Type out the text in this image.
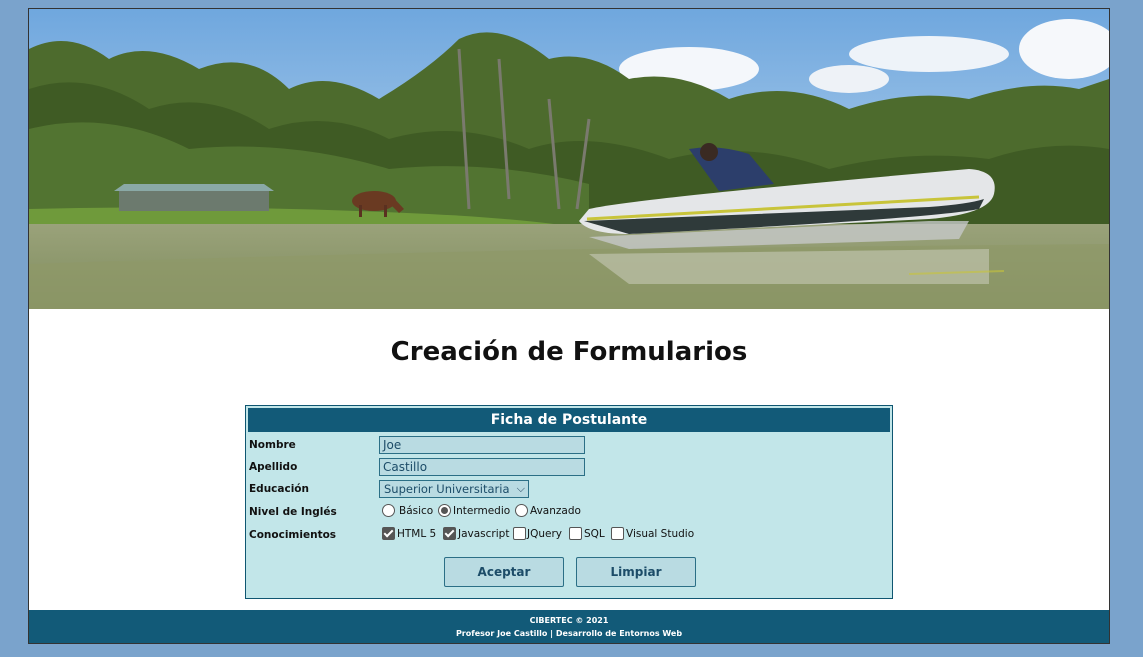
Creación de Formularios
Ficha de Postulante
Nombre	Joe
Apellido	Castillo
Educación	Superior Universitaria ⌵
Nivel de Inglés	Básico Intermedio Avanzado
Conocimientos	HTML 5 Javascript JQuery SQL Visual Studio
Aceptar	Limpiar
CIBERTEC © 2021
Profesor Joe Castillo | Desarrollo de Entornos Web
